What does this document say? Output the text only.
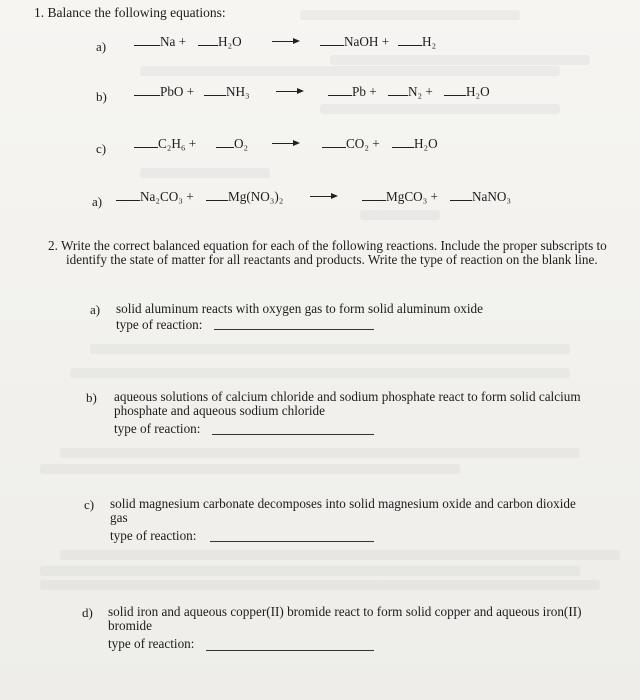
1. Balance the following equations:
a)	Na +	H₂O	NaOH +	H₂
b)	PbO +	NH₃	Pb +	N₂ +	H₂O
c)	C₂H₆ +	O₂ →	CO₂ +	H₂O
a)	Na₂CO₃ +	Mg(NO₃)₂	MgCO₃ +	NaNO₃
2. Write the correct balanced equation for each of the following reactions. Include the proper subscripts to identify the state of matter for all reactants and products. Write the type of reaction on the blank line.
a) solid aluminum reacts with oxygen gas to form solid aluminum oxide
type of reaction:
b) aqueous solutions of calcium chloride and sodium phosphate react to form solid calcium phosphate and aqueous sodium chloride
type of reaction:
c) solid magnesium carbonate decomposes into solid magnesium oxide and carbon dioxide gas
type of reaction:
d) solid iron and aqueous copper(II) bromide react to form solid copper and aqueous iron(II) bromide
type of reaction:
